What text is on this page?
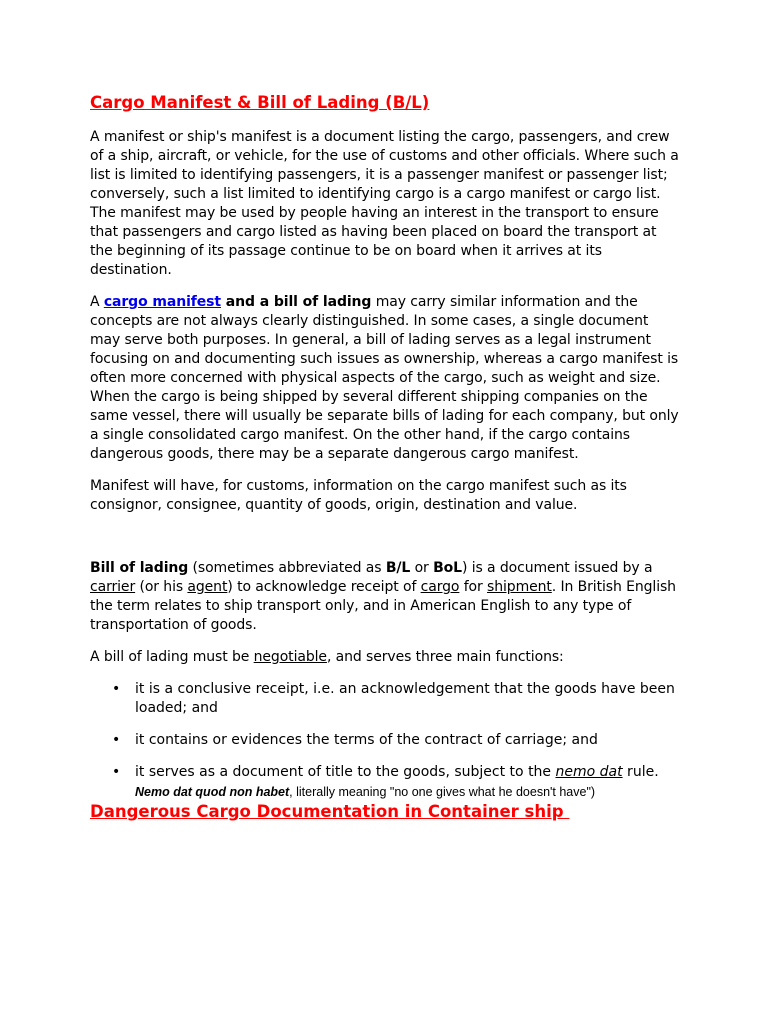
Cargo Manifest & Bill of Lading (B/L)

A manifest or ship's manifest is a document listing the cargo, passengers, and crew of a ship, aircraft, or vehicle, for the use of customs and other officials. Where such a list is limited to identifying passengers, it is a passenger manifest or passenger list; conversely, such a list limited to identifying cargo is a cargo manifest or cargo list. The manifest may be used by people having an interest in the transport to ensure that passengers and cargo listed as having been placed on board the transport at the beginning of its passage continue to be on board when it arrives at its destination.

A cargo manifest and a bill of lading may carry similar information and the concepts are not always clearly distinguished. In some cases, a single document may serve both purposes. In general, a bill of lading serves as a legal instrument focusing on and documenting such issues as ownership, whereas a cargo manifest is often more concerned with physical aspects of the cargo, such as weight and size. When the cargo is being shipped by several different shipping companies on the same vessel, there will usually be separate bills of lading for each company, but only a single consolidated cargo manifest. On the other hand, if the cargo contains dangerous goods, there may be a separate dangerous cargo manifest.

Manifest will have, for customs, information on the cargo manifest such as its consignor, consignee, quantity of goods, origin, destination and value.

Bill of lading (sometimes abbreviated as B/L or BoL) is a document issued by a carrier (or his agent) to acknowledge receipt of cargo for shipment. In British English the term relates to ship transport only, and in American English to any type of transportation of goods.

A bill of lading must be negotiable, and serves three main functions:

• it is a conclusive receipt, i.e. an acknowledgement that the goods have been loaded; and
• it contains or evidences the terms of the contract of carriage; and
• it serves as a document of title to the goods, subject to the nemo dat rule.
Nemo dat quod non habet, literally meaning "no one gives what he doesn't have")
Dangerous Cargo Documentation in Container ship
